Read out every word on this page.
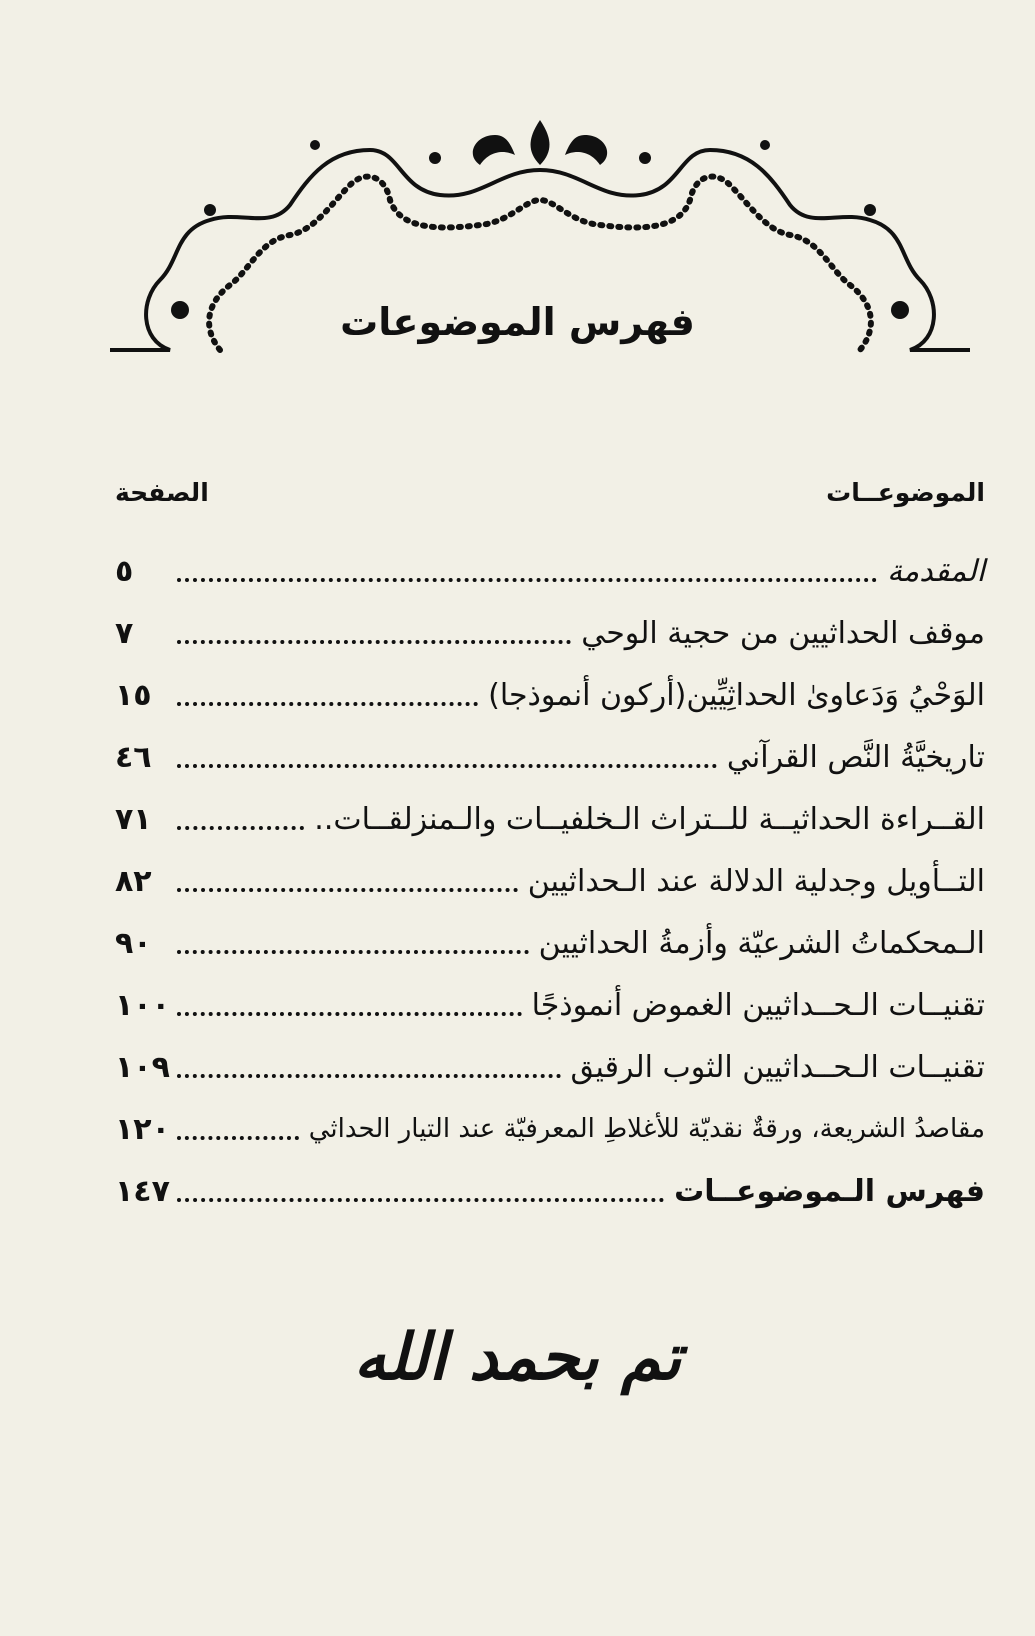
فهرس الموضوعات
الموضوعــات
الصفحة
المقدمة
٥
موقف الحداثيين من حجية الوحي
٧
الوَحْيُ وَدَعاوىٰ الحداثِيِّين(أركون أنموذجا)
١٥
تاريخيَّةُ النَّص القرآني
٤٦
القــراءة الحداثيــة للــتراث الـخلفيــات والـمنزلقــات..
٧١
التــأويل وجدلية الدلالة عند الـحداثيين
٨٢
الـمحكماتُ الشرعيّة وأزمةُ الحداثيين
٩٠
تقنيــات الـحــداثيين الغموض أنموذجًا
١٠٠
تقنيــات الـحــداثيين الثوب الرقيق
١٠٩
مقاصدُ الشريعة، ورقةٌ نقديّة للأغلاطِ المعرفيّة عند التيار الحداثي
١٢٠
فهرس الـموضوعــات
١٤٧
تم بحمد الله
